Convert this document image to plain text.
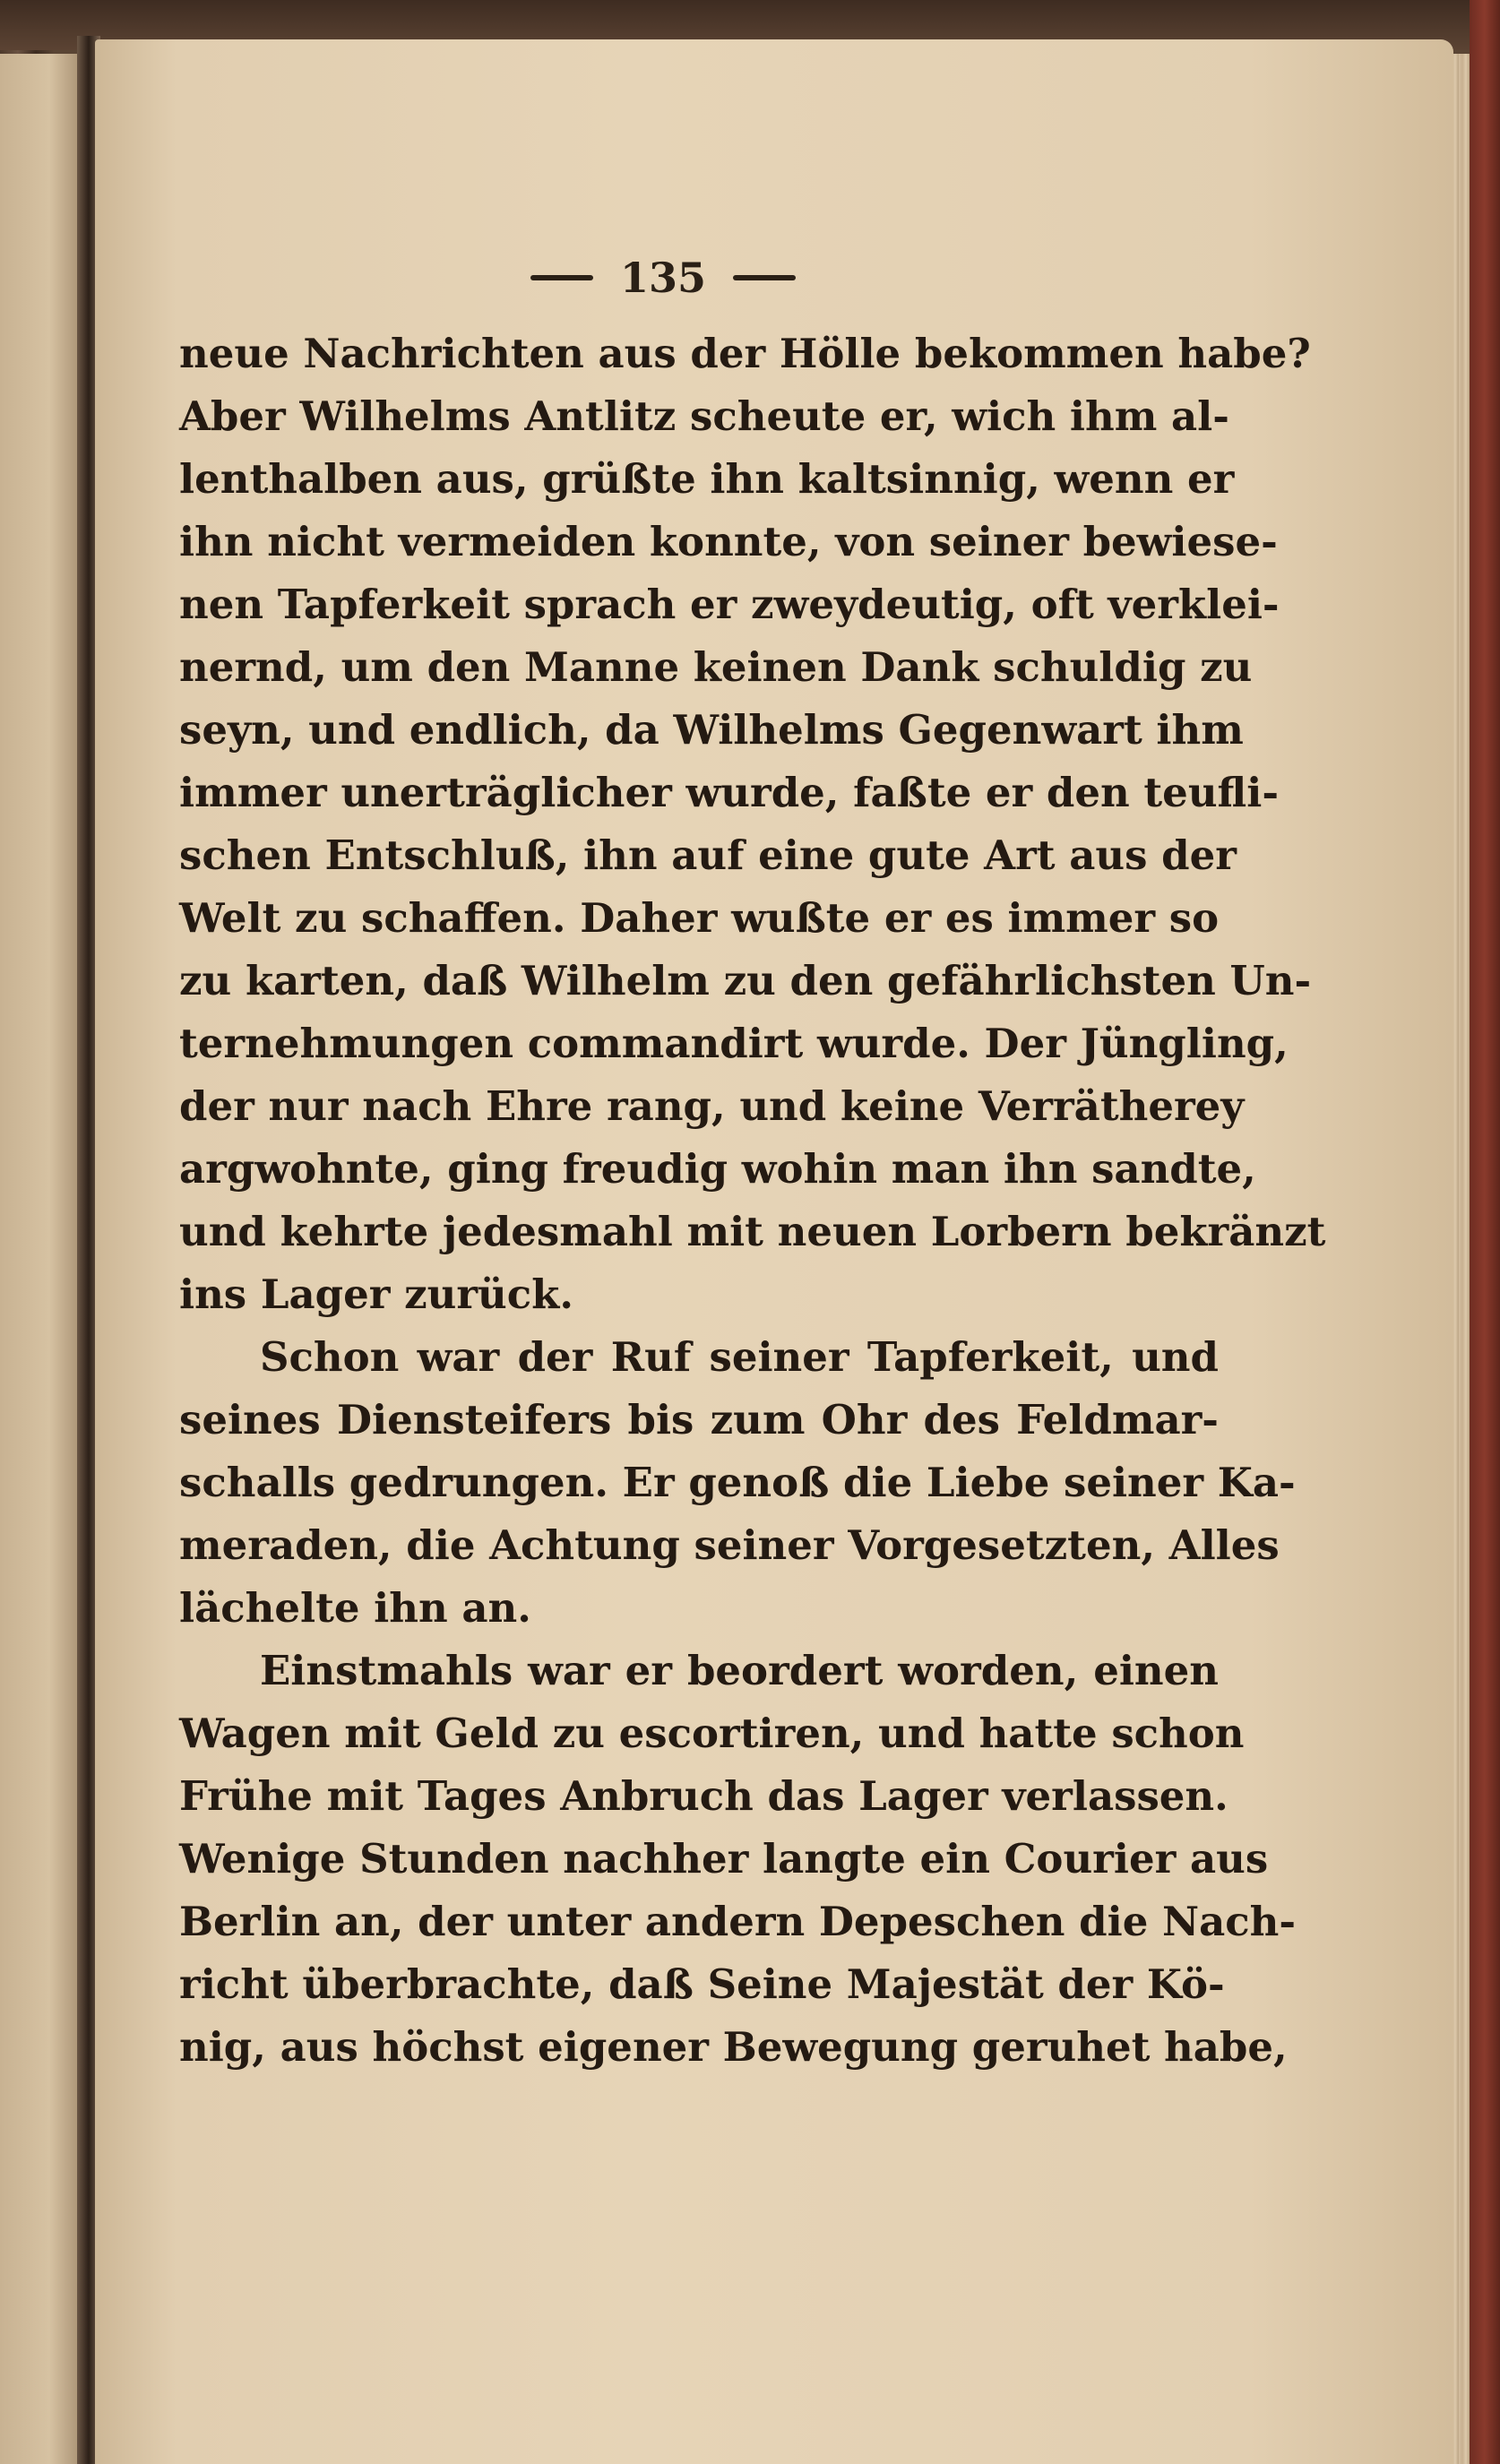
135
neue Nachrichten aus der Hölle bekommen habe?
Aber Wilhelms Antlitz scheute er, wich ihm al-
lenthalben aus, grüßte ihn kaltsinnig, wenn er
ihn nicht vermeiden konnte, von seiner bewiese-
nen Tapferkeit sprach er zweydeutig, oft verklei-
nernd, um den Manne keinen Dank schuldig zu
seyn, und endlich, da Wilhelms Gegenwart ihm
immer unerträglicher wurde, faßte er den teufli-
schen Entschluß, ihn auf eine gute Art aus der
Welt zu schaffen. Daher wußte er es immer so
zu karten, daß Wilhelm zu den gefährlichsten Un-
ternehmungen commandirt wurde. Der Jüngling,
der nur nach Ehre rang, und keine Verrätherey
argwohnte, ging freudig wohin man ihn sandte,
und kehrte jedesmahl mit neuen Lorbern bekränzt
ins Lager zurück.
Schon war der Ruf seiner Tapferkeit, und
seines Diensteifers bis zum Ohr des Feldmar-
schalls gedrungen. Er genoß die Liebe seiner Ka-
meraden, die Achtung seiner Vorgesetzten, Alles
lächelte ihn an.
Einstmahls war er beordert worden, einen
Wagen mit Geld zu escortiren, und hatte schon
Frühe mit Tages Anbruch das Lager verlassen.
Wenige Stunden nachher langte ein Courier aus
Berlin an, der unter andern Depeschen die Nach-
richt überbrachte, daß Seine Majestät der Kö-
nig, aus höchst eigener Bewegung geruhet habe,
